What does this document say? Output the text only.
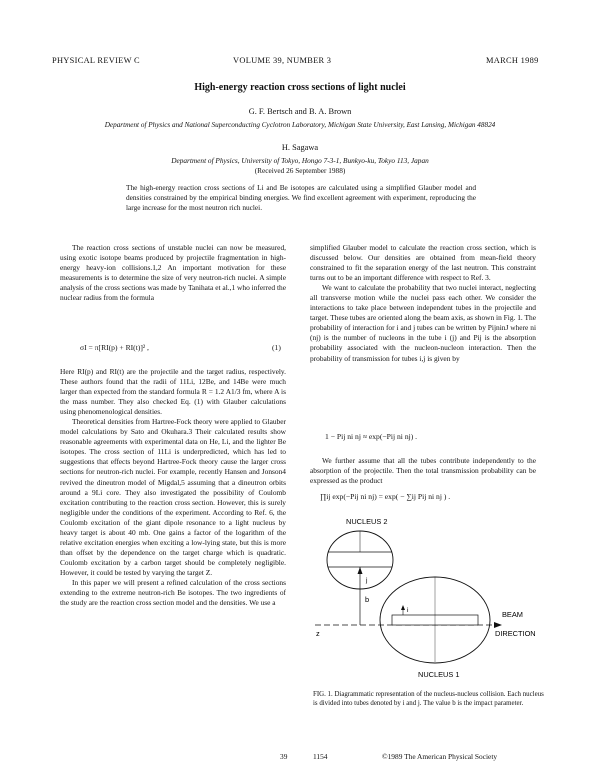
PHYSICAL REVIEW C	VOLUME 39, NUMBER 3	MARCH 1989
High-energy reaction cross sections of light nuclei
G. F. Bertsch and B. A. Brown
Department of Physics and National Superconducting Cyclotron Laboratory, Michigan State University, East Lansing, Michigan 48824
H. Sagawa
Department of Physics, University of Tokyo, Hongo 7-3-1, Bunkyo-ku, Tokyo 113, Japan
(Received 26 September 1988)
The high-energy reaction cross sections of Li and Be isotopes are calculated using a simplified Glauber model and densities constrained by the empirical binding energies. We find excellent agreement with experiment, reproducing the large increase for the most neutron rich nuclei.

The reaction cross sections of unstable nuclei can now be measured, using exotic isotope beams produced by projectile fragmentation in high-energy heavy-ion collisions.1,2 An important motivation for these measurements is to determine the size of very neutron-rich nuclei. A simple analysis of the cross sections was made by Tanihata et al.,1 who inferred the nuclear radius from the formula

σI = π[RI(p) + RI(t)]² ,	(1)

Here RI(p) and RI(t) are the projectile and the target radius, respectively. These authors found that the radii of 11Li, 12Be, and 14Be were much larger than expected from the standard formula R = 1.2 A1/3 fm, where A is the mass number. They also checked Eq. (1) with Glauber calculations using phenomenological densities.

Theoretical densities from Hartree-Fock theory were applied to Glauber model calculations by Sato and Okuhara.3 Their calculated results show reasonable agreements with experimental data on He, Li, and the lighter Be isotopes. The cross section of 11Li is underpredicted, which has led to suggestions that effects beyond Hartree-Fock theory cause the larger cross sections for neutron-rich nuclei. For example, recently Hansen and Jonson4 revived the dineutron model of Migdal,5 assuming that a dineutron orbits around a 9Li core. They also investigated the possibility of Coulomb excitation contributing to the reaction cross section. However, this is surely negligible under the conditions of the experiment. According to Ref. 6, the Coulomb excitation of the giant dipole resonance to a light nucleus by heavy target is about 40 mb. One gains a factor of the logarithm of the relative excitation energies when exciting a low-lying state, but this is more than offset by the dependence on the target charge which is quadratic. Coulomb excitation by a carbon target should be completely negligible. However, it could be tested by varying the target Z.

In this paper we will present a refined calculation of the cross sections extending to the extreme neutron-rich Be isotopes. The two ingredients of the study are the reaction cross section model and the densities. We use a

simplified Glauber model to calculate the reaction cross section, which is discussed below. Our densities are obtained from mean-field theory constrained to fit the separation energy of the last neutron. This constraint turns out to be an important difference with respect to Ref. 3.

We want to calculate the probability that two nuclei interact, neglecting all transverse motion while the nuclei pass each other. We consider the interactions to take place between independent tubes in the projectile and target. These tubes are oriented along the beam axis, as shown in Fig. 1. The probability of interaction for i and j tubes can be written by PijninJ where ni (nj) is the number of nucleons in the tube i (j) and Pij is the absorption probability associated with the nucleon-nucleon interaction. Then the probability of transmission for tubes i,j is given by

1 − Pij ni nj ≈ exp(−Pij ni nj) .

We further assume that all the tubes contribute independently to the absorption of the projectile. Then the total transmission probability can be expressed as the product

∏ij exp(−Pij ni nj) = exp( − ∑ij Pij ni nj ) .
NUCLEUS 2
b
j
z
BEAM
DIRECTION
i
NUCLEUS 1
FIG. 1. Diagrammatic representation of the nucleus-nucleus collision. Each nucleus is divided into tubes denoted by i and j. The value b is the impact parameter.
39	1154	©1989 The American Physical Society
